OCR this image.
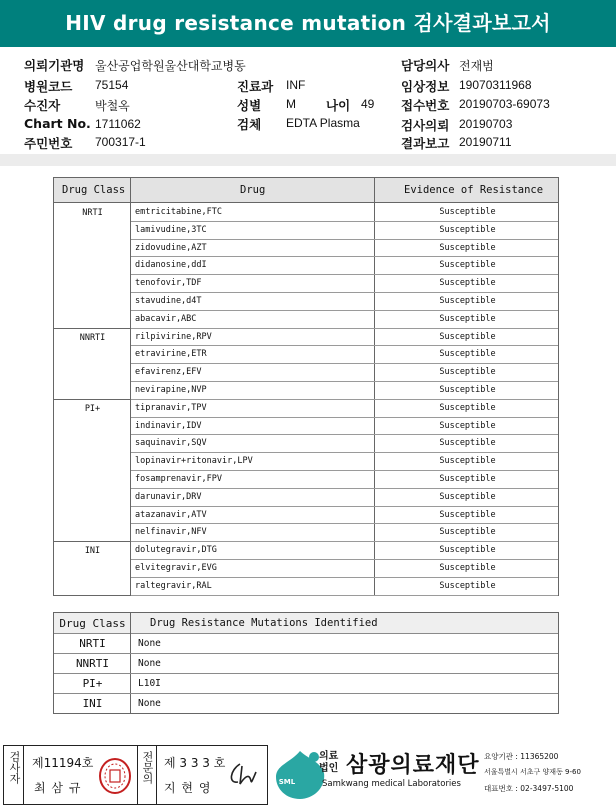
HIV drug resistance mutation 검사결과보고서
의뢰기관명 울산공업학원울산대학교병동
병원코드 75154
수진자	박철옥
Chart No. 1711062
주민번호 700317-1
진료과 INF
성별 M 나이 49
검체 EDTA Plasma
담당의사 전재범
임상정보 19070311968
접수번호 20190703-69073
검사의뢰 20190703
결과보고 20190711
Drug Class	Drug	Evidence of Resistance
NRTI	emtricitabine,FTC	Susceptible
lamivudine,3TC	Susceptible
zidovudine,AZT	Susceptible
didanosine,ddI	Susceptible
tenofovir,TDF	Susceptible
stavudine,d4T	Susceptible
abacavir,ABC	Susceptible
NNRTI	rilpivirine,RPV	Susceptible
etravirine,ETR	Susceptible
efavirenz,EFV	Susceptible
nevirapine,NVP	Susceptible
PI+	tipranavir,TPV	Susceptible
indinavir,IDV	Susceptible
saquinavir,SQV	Susceptible
lopinavir+ritonavir,LPV	Susceptible
fosamprenavir,FPV	Susceptible
darunavir,DRV	Susceptible
atazanavir,ATV	Susceptible
nelfinavir,NFV	Susceptible
INI	dolutegravir,DTG	Susceptible
elvitegravir,EVG	Susceptible
raltegravir,RAL	Susceptible
Drug Class	Drug Resistance Mutations Identified
NRTI	None
NNRTI	None
PI+	L10I
INI	None
검사자 제11194호
최 삼 규
전문의 제 3 3 3 호
지 현 영	SML
의료법인 삼광의료재단
Samkwang medical Laboratories
요양기관 : 11365200
서울특별시 서초구 양재동 9-60
대표번호 : 02-3497-5100
